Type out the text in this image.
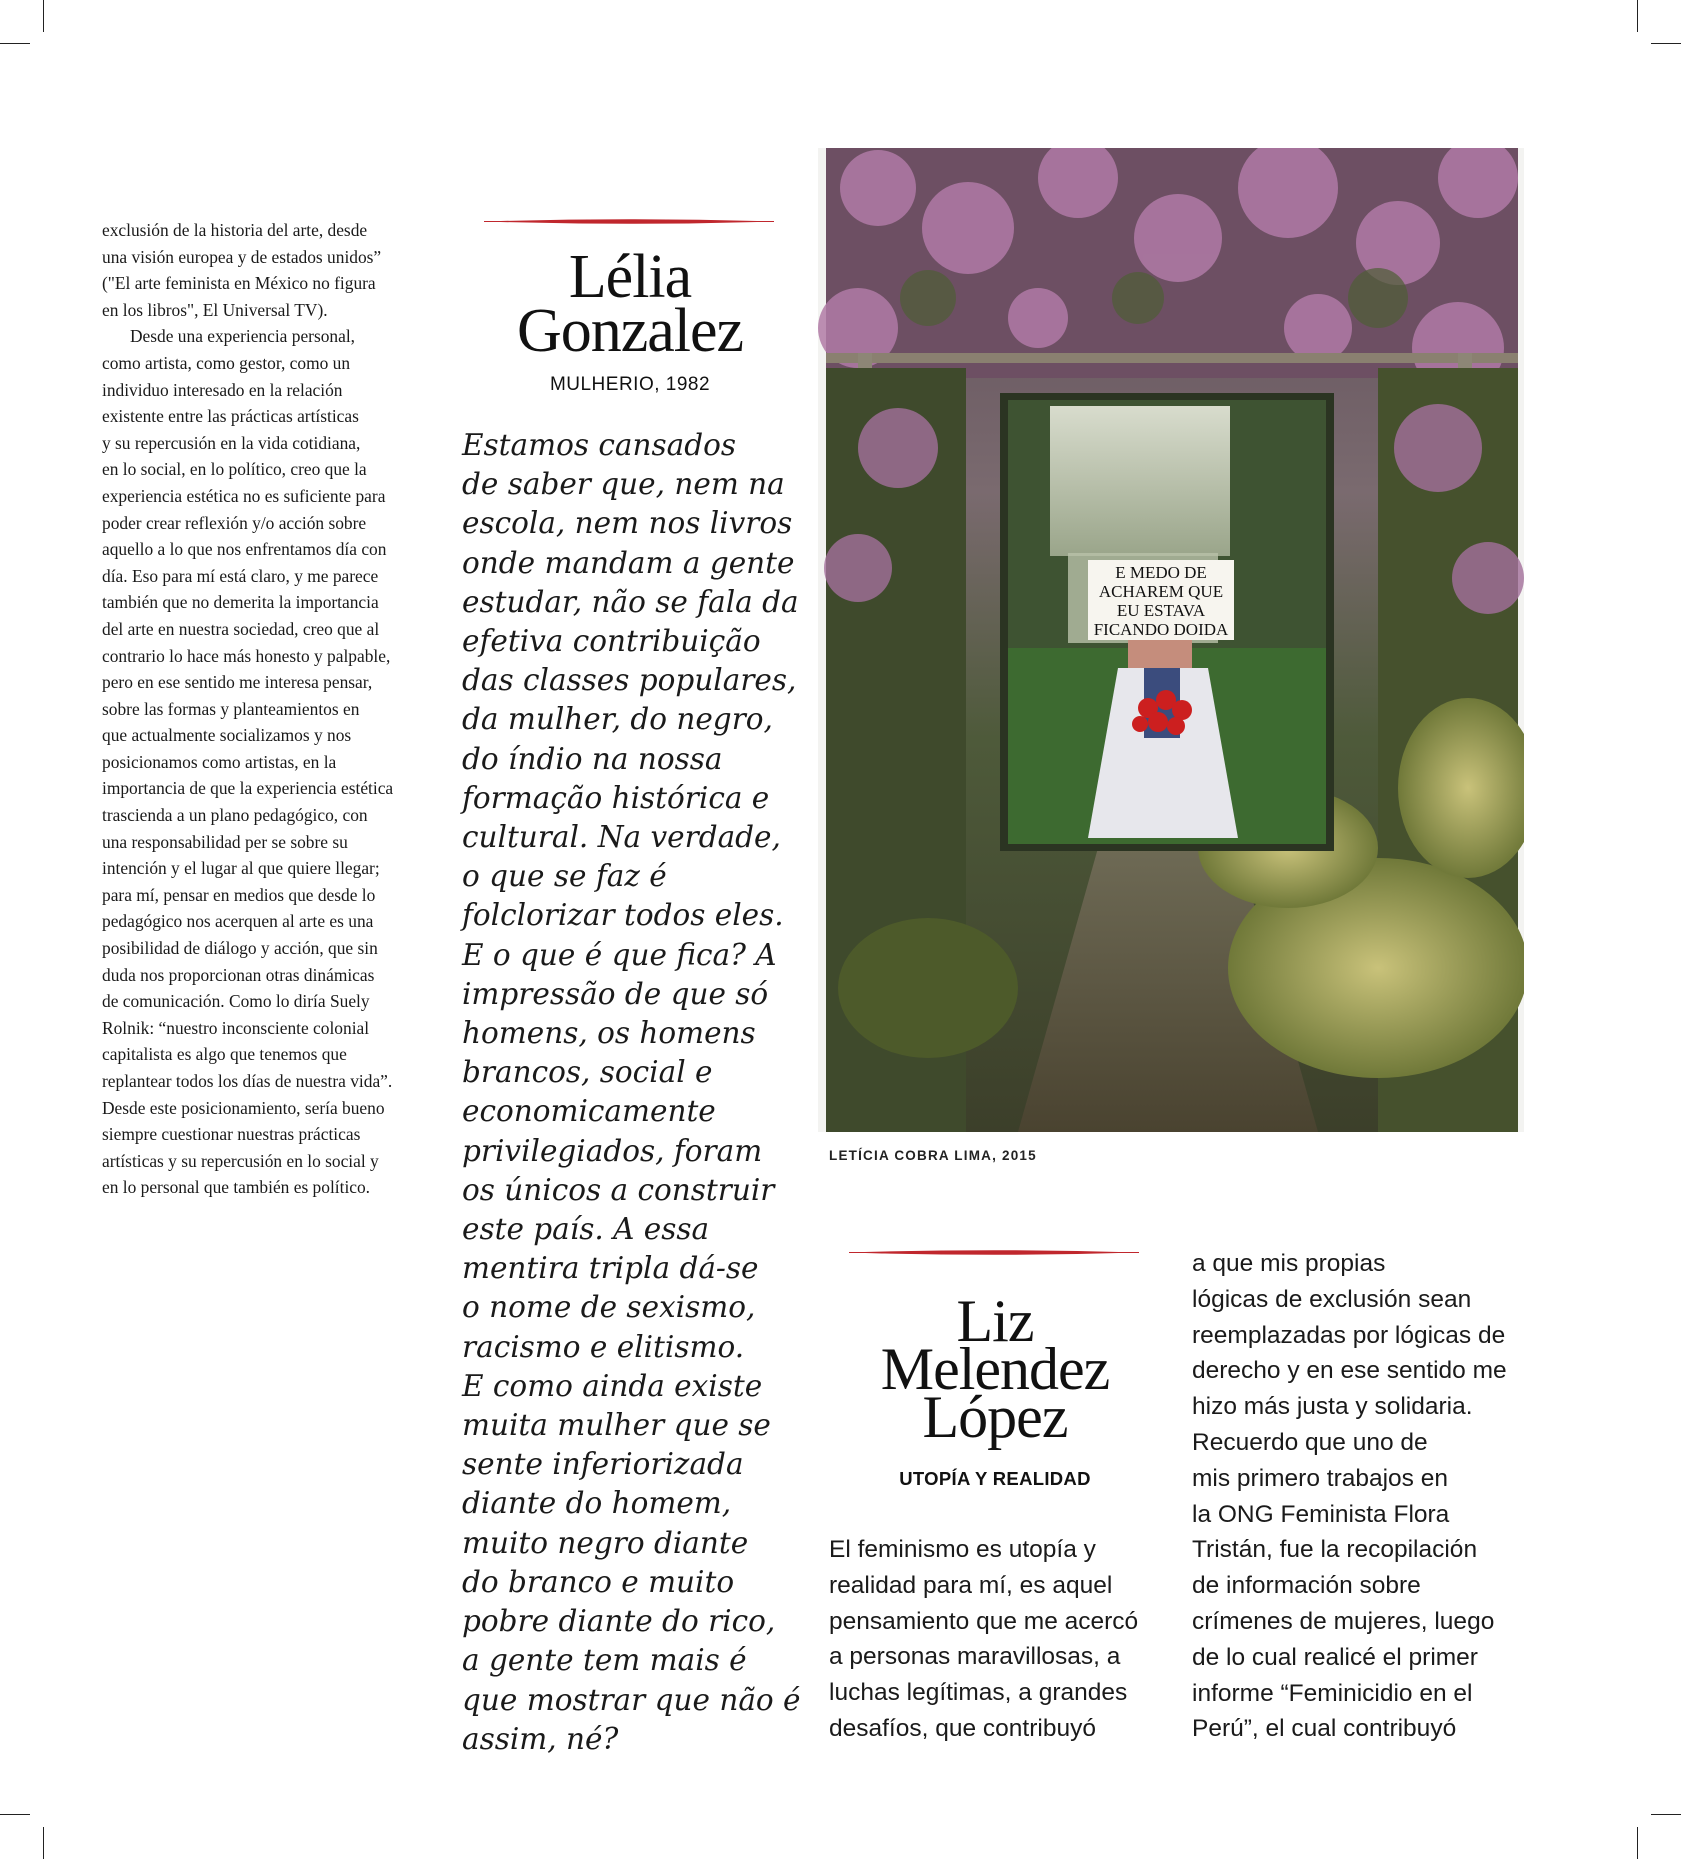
exclusión de la historia del arte, desde

una visión europea y de estados unidos”

("El arte feminista en México no figura

en los libros", El Universal TV).

Desde una experiencia personal,

como artista, como gestor, como un

individuo interesado en la relación

existente entre las prácticas artísticas

y su repercusión en la vida cotidiana,

en lo social, en lo político, creo que la

experiencia estética no es suficiente para

poder crear reflexión y/o acción sobre

aquello a lo que nos enfrentamos día con

día. Eso para mí está claro, y me parece

también que no demerita la importancia

del arte en nuestra sociedad, creo que al

contrario lo hace más honesto y palpable,

pero en ese sentido me interesa pensar,

sobre las formas y planteamientos en

que actualmente socializamos y nos

posicionamos como artistas, en la

importancia de que la experiencia estética

trascienda a un plano pedagógico, con

una responsabilidad per se sobre su

intención y el lugar al que quiere llegar;

para mí, pensar en medios que desde lo

pedagógico nos acerquen al arte es una

posibilidad de diálogo y acción, que sin

duda nos proporcionan otras dinámicas

de comunicación. Como lo diría Suely

Rolnik: “nuestro inconsciente colonial

capitalista es algo que tenemos que

replantear todos los días de nuestra vida”.

Desde este posicionamiento, sería bueno

siempre cuestionar nuestras prácticas

artísticas y su repercusión en lo social y

en lo personal que también es político.

Lélia
Gonzalez
MULHERIO, 1982

Estamos cansados

de saber que, nem na

escola, nem nos livros

onde mandam a gente

estudar, não se fala da

efetiva contribuição

das classes populares,

da mulher, do negro,

do índio na nossa

formação histórica e

cultural. Na verdade,

o que se faz é

folclorizar todos eles.

E o que é que fica? A

impressão de que só

homens, os homens

brancos, social e

economicamente

privilegiados, foram

os únicos a construir

este país. A essa

mentira tripla dá-se

o nome de sexismo,

racismo e elitismo.

E como ainda existe

muita mulher que se

sente inferiorizada

diante do homem,

muito negro diante

do branco e muito

pobre diante do rico,

a gente tem mais é

que mostrar que não é

assim, né?

E MEDO DE
ACHAREM QUE
EU ESTAVA
FICANDO DOIDA
LETÍCIA COBRA LIMA, 2015
Liz
Melendez
López
UTOPÍA Y REALIDAD

El feminismo es utopía y

realidad para mí, es aquel

pensamiento que me acercó

a personas maravillosas, a

luchas legítimas, a grandes

desafíos, que contribuyó

a que mis propias

lógicas de exclusión sean

reemplazadas por lógicas de

derecho y en ese sentido me

hizo más justa y solidaria.

Recuerdo que uno de

mis primero trabajos en

la ONG Feminista Flora

Tristán, fue la recopilación

de información sobre

crímenes de mujeres, luego

de lo cual realicé el primer

informe “Feminicidio en el

Perú”, el cual contribuyó
